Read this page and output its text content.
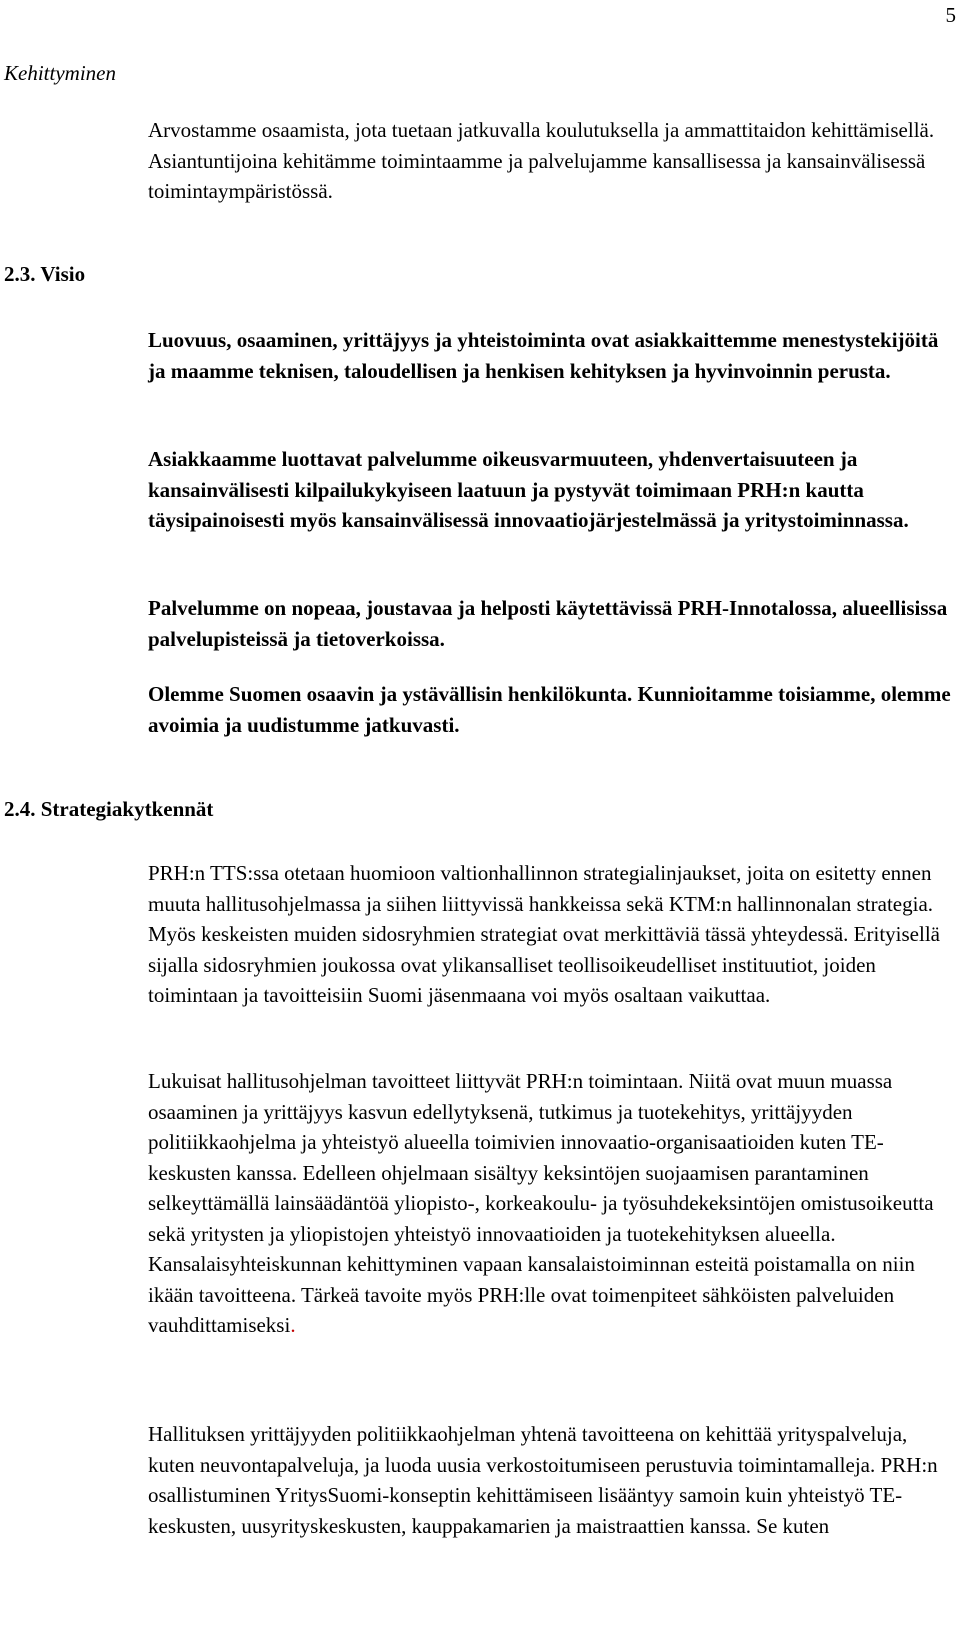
5
Kehittyminen

Arvostamme osaamista, jota tuetaan jatkuvalla koulutuksella ja ammattitaidon kehittämisellä. Asiantuntijoina kehitämme toimintaamme ja palvelujamme kansallisessa ja kansainvälisessä toimintaympäristössä.

2.3. Visio

Luovuus, osaaminen, yrittäjyys ja yhteistoiminta ovat asiakkaittemme menestystekijöitä ja maamme teknisen, taloudellisen ja henkisen kehityksen ja hyvinvoinnin perusta.

Asiakkaamme luottavat palvelumme oikeusvarmuuteen, yhdenvertaisuuteen ja kansainvälisesti kilpailukykyiseen laatuun ja pystyvät toimimaan PRH:n kautta täysipainoisesti myös kansainvälisessä innovaatiojärjestelmässä ja yritystoiminnassa.

Palvelumme on nopeaa, joustavaa ja helposti käytettävissä PRH-Innotalossa, alueellisissa palvelupisteissä ja tietoverkoissa.

Olemme Suomen osaavin ja ystävällisin henkilökunta. Kunnioitamme toisiamme, olemme avoimia ja uudistumme jatkuvasti.

2.4. Strategiakytkennät

PRH:n TTS:ssa otetaan huomioon valtionhallinnon strategialinjaukset, joita on esitetty ennen muuta hallitusohjelmassa ja siihen liittyvissä hankkeissa sekä KTM:n hallinnonalan strategia. Myös keskeisten muiden sidosryhmien strategiat ovat merkittäviä tässä yhteydessä. Erityisellä sijalla sidosryhmien joukossa ovat ylikansalliset teollisoikeudelliset instituutiot, joiden toimintaan ja tavoitteisiin Suomi jäsenmaana voi myös osaltaan vaikuttaa.

Lukuisat hallitusohjelman tavoitteet liittyvät PRH:n toimintaan. Niitä ovat muun muassa osaaminen ja yrittäjyys kasvun edellytyksenä, tutkimus ja tuotekehitys, yrittäjyyden politiikkaohjelma ja yhteistyö alueella toimivien innovaatio-organisaatioiden kuten TE-keskusten kanssa. Edelleen ohjelmaan sisältyy keksintöjen suojaamisen parantaminen selkeyttämällä lainsäädäntöä yliopisto-, korkeakoulu- ja työsuhdekeksintöjen omistusoikeutta sekä yritysten ja yliopistojen yhteistyö innovaatioiden ja tuotekehityksen alueella. Kansalaisyhteiskunnan kehittyminen vapaan kansalaistoiminnan esteitä poistamalla on niin ikään tavoitteena. Tärkeä tavoite myös PRH:lle ovat toimenpiteet sähköisten palveluiden vauhdittamiseksi.

Hallituksen yrittäjyyden politiikkaohjelman yhtenä tavoitteena on kehittää yrityspalveluja, kuten neuvontapalveluja, ja luoda uusia verkostoitumiseen perustuvia toimintamalleja. PRH:n osallistuminen YritysSuomi-konseptin kehittämiseen lisääntyy samoin kuin yhteistyö TE-keskusten, uusyrityskeskusten, kauppakamarien ja maistraattien kanssa. Se kuten
